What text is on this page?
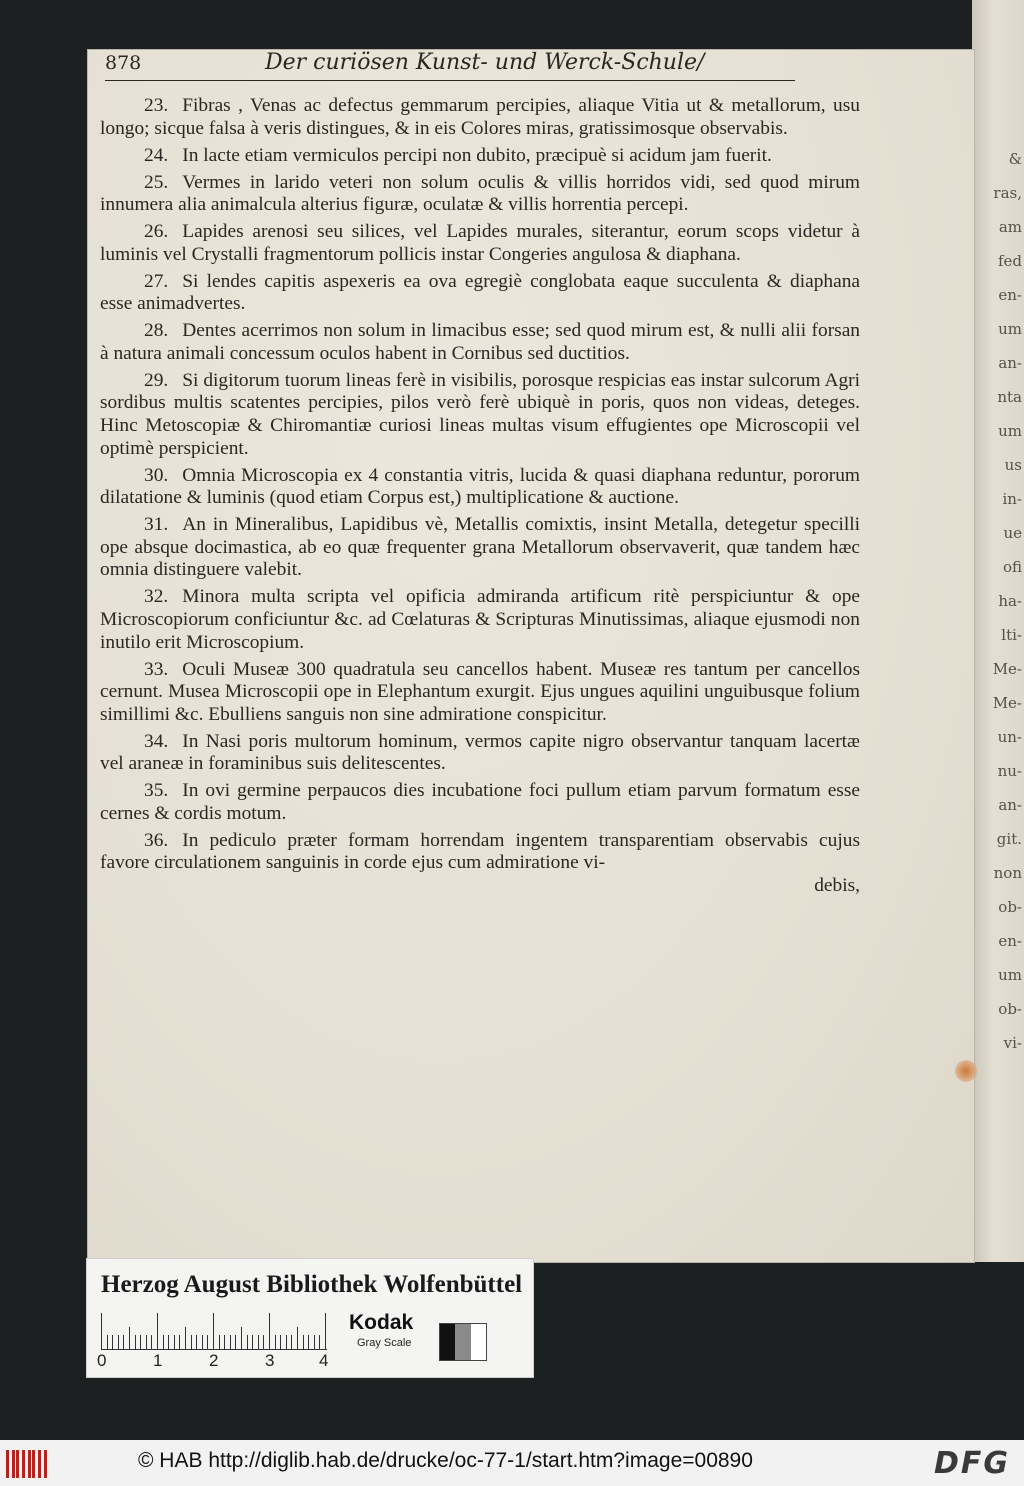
&
ras,
am
fed
en-
um
an-
nta
um
us
in-
ue
ofi
ha-
lti-
Me-
Me-
un-
nu-
an-
git.
non
ob-
en-
um
ob-
vi-
878	Der curiösen Kunst- und Werck-Schule/

23. Fibras , Venas ac defectus gemmarum percipies, aliaque Vitia ut & metallorum, usu longo; sicque falsa à veris distingues, & in eis Colores miras, gratissimosque observabis.

24. In lacte etiam vermiculos percipi non dubito, præcipuè si acidum jam fuerit.

25. Vermes in larido veteri non solum oculis & villis horridos vidi, sed quod mirum innumera alia animalcula alterius figuræ, oculatæ & villis horrentia percepi.

26. Lapides arenosi seu silices, vel Lapides murales, siterantur, eorum scops videtur à luminis vel Crystalli fragmentorum pollicis instar Congeries angulosa & diaphana.

27. Si lendes capitis aspexeris ea ova egregiè conglobata eaque succulenta & diaphana esse animadvertes.

28. Dentes acerrimos non solum in limacibus esse; sed quod mirum est, & nulli alii forsan à natura animali concessum oculos habent in Cornibus sed ductitios.

29. Si digitorum tuorum lineas ferè in visibilis, porosque respicias eas instar sulcorum Agri sordibus multis scatentes percipies, pilos verò ferè ubiquè in poris, quos non videas, deteges. Hinc Metoscopiæ & Chiromantiæ curiosi lineas multas visum effugientes ope Microscopii vel optimè perspicient.

30. Omnia Microscopia ex 4 constantia vitris, lucida & quasi diaphana reduntur, pororum dilatatione & luminis (quod etiam Corpus est,) multiplicatione & auctione.

31. An in Mineralibus, Lapidibus vè, Metallis comixtis, insint Metalla, detegetur specilli ope absque docimastica, ab eo quæ frequenter grana Metallorum observaverit, quæ tandem hæc omnia distinguere valebit.

32. Minora multa scripta vel opificia admiranda artificum ritè perspiciuntur & ope Microscopiorum conficiuntur &c. ad Cœlaturas & Scripturas Minutissimas, aliaque ejusmodi non inutilo erit Microscopium.

33. Oculi Museæ 300 quadratula seu cancellos habent. Museæ res tantum per cancellos cernunt. Musea Microscopii ope in Elephantum exurgit. Ejus ungues aquilini unguibusque folium simillimi &c. Ebulliens sanguis non sine admiratione conspicitur.

34. In Nasi poris multorum hominum, vermos capite nigro observantur tanquam lacertæ vel araneæ in foraminibus suis delitescentes.

35. In ovi germine perpaucos dies incubatione foci pullum etiam parvum formatum esse cernes & cordis motum.

36. In pediculo præter formam horrendam ingentem transparentiam observabis cujus favore circulationem sanguinis in corde ejus cum admiratione vi-

debis,
Herzog August Bibliothek Wolfenbüttel
0	1	2	3	4
Kodak
Gray Scale
© HAB http://diglib.hab.de/drucke/oc-77-1/start.htm?image=00890	DFG
